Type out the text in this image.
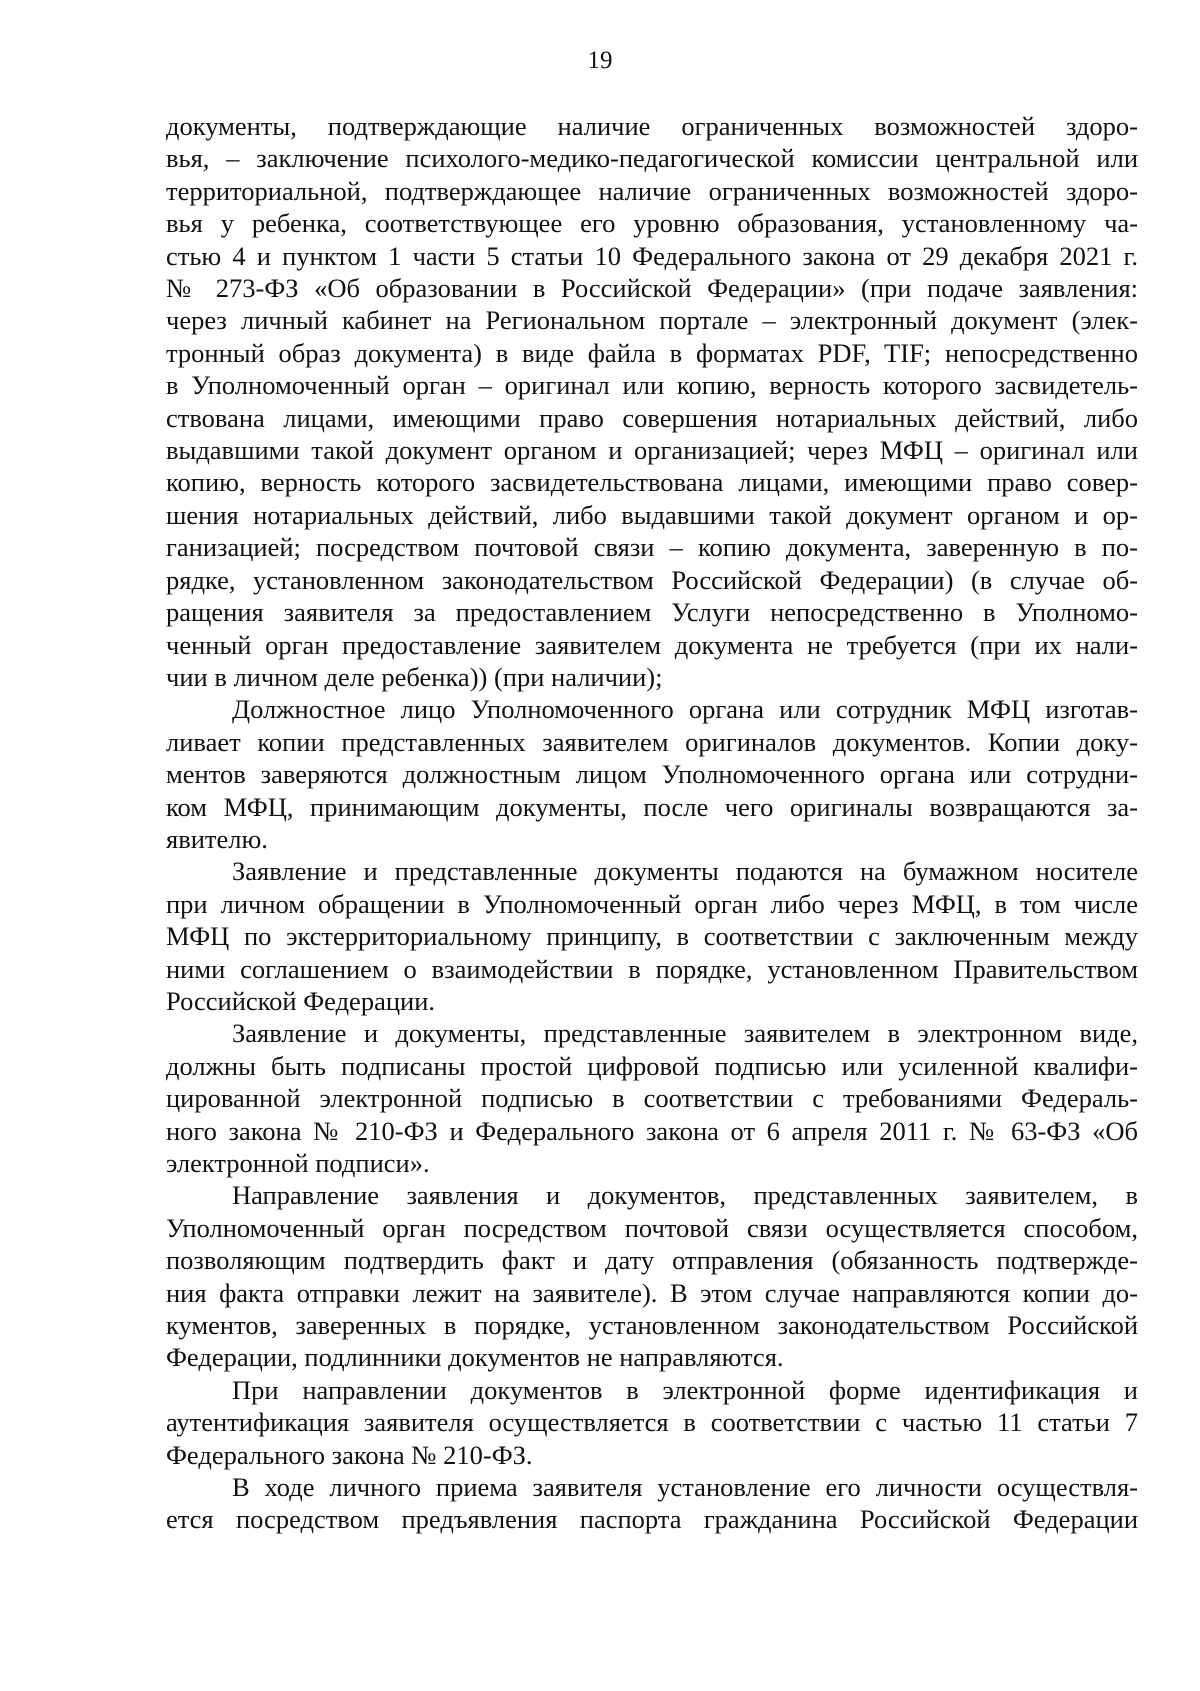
19
документы, подтверждающие наличие ограниченных возможностей здоро-
вья, – заключение психолого-медико-педагогической комиссии центральной или
территориальной, подтверждающее наличие ограниченных возможностей здоро-
вья у ребенка, соответствующее его уровню образования, установленному ча-
стью 4 и пунктом 1 части 5 статьи 10 Федерального закона от 29 декабря 2021 г.
№ 273-ФЗ «Об образовании в Российской Федерации» (при подаче заявления:
через личный кабинет на Региональном портале – электронный документ (элек-
тронный образ документа) в виде файла в форматах PDF, TIF; непосредственно
в Уполномоченный орган – оригинал или копию, верность которого засвидетель-
ствована лицами, имеющими право совершения нотариальных действий, либо
выдавшими такой документ органом и организацией; через МФЦ – оригинал или
копию, верность которого засвидетельствована лицами, имеющими право совер-
шения нотариальных действий, либо выдавшими такой документ органом и ор-
ганизацией; посредством почтовой связи – копию документа, заверенную в по-
рядке, установленном законодательством Российской Федерации) (в случае об-
ращения заявителя за предоставлением Услуги непосредственно в Уполномо-
ченный орган предоставление заявителем документа не требуется (при их нали-
чии в личном деле ребенка)) (при наличии);
Должностное лицо Уполномоченного органа или сотрудник МФЦ изготав-
ливает копии представленных заявителем оригиналов документов. Копии доку-
ментов заверяются должностным лицом Уполномоченного органа или сотрудни-
ком МФЦ, принимающим документы, после чего оригиналы возвращаются за-
явителю.
Заявление и представленные документы подаются на бумажном носителе
при личном обращении в Уполномоченный орган либо через МФЦ, в том числе
МФЦ по экстерриториальному принципу, в соответствии с заключенным между
ними соглашением о взаимодействии в порядке, установленном Правительством
Российской Федерации.
Заявление и документы, представленные заявителем в электронном виде,
должны быть подписаны простой цифровой подписью или усиленной квалифи-
цированной электронной подписью в соответствии с требованиями Федераль-
ного закона № 210-ФЗ и Федерального закона от 6 апреля 2011 г. № 63-ФЗ «Об
электронной подписи».
Направление заявления и документов, представленных заявителем, в
Уполномоченный орган посредством почтовой связи осуществляется способом,
позволяющим подтвердить факт и дату отправления (обязанность подтвержде-
ния факта отправки лежит на заявителе). В этом случае направляются копии до-
кументов, заверенных в порядке, установленном законодательством Российской
Федерации, подлинники документов не направляются.
При направлении документов в электронной форме идентификация и
аутентификация заявителя осуществляется в соответствии с частью 11 статьи 7
Федерального закона № 210-ФЗ.
В ходе личного приема заявителя установление его личности осуществля-
ется посредством предъявления паспорта гражданина Российской Федерации
